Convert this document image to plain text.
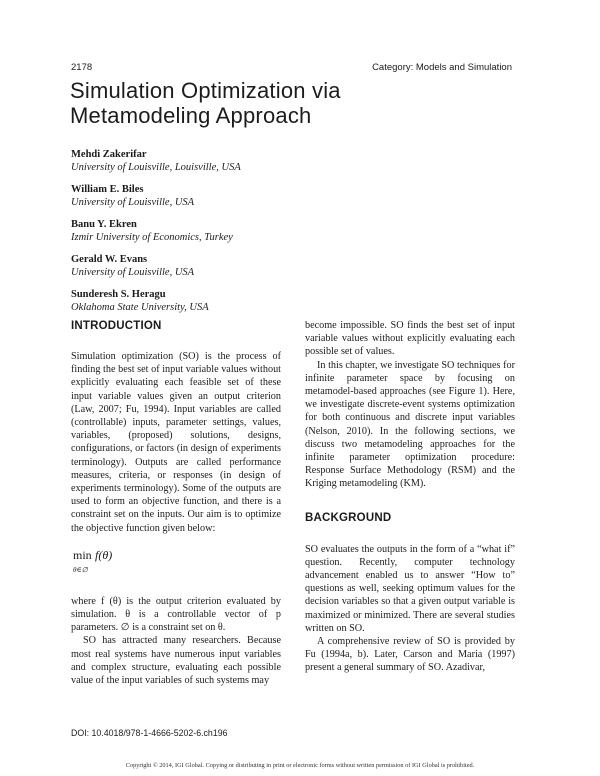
2178	Category: Models and Simulation
Simulation Optimization via
Metamodeling Approach
Mehdi Zakerifar
University of Louisville, Louisville, USA
William E. Biles
University of Louisville, USA
Banu Y. Ekren
Izmir University of Economics, Turkey
Gerald W. Evans
University of Louisville, USA
Sunderesh S. Heragu
Oklahoma State University, USA
INTRODUCTION

Simulation optimization (SO) is the process of finding the best set of input variable values without explicitly evaluating each feasible set of these input variable values given an output criterion (Law, 2007; Fu, 1994). Input variables are called (controllable) inputs, parameter settings, values, variables, (proposed) solutions, designs, configurations, or factors (in design of experiments terminology). Outputs are called performance measures, criteria, or responses (in design of experiments terminology). Some of the outputs are used to form an objective function, and there is a constraint set on the inputs. Our aim is to optimize the objective function given below:

min
θ∈∅
f(θ)

where f (θ) is the output criterion evaluated by simulation. θ is a controllable vector of p parameters. ∅ is a constraint set on θ.

SO has attracted many researchers. Because most real systems have numerous input variables and complex structure, evaluating each possible value of the input variables of such systems may

become impossible. SO finds the best set of input variable values without explicitly evaluating each possible set of values.

In this chapter, we investigate SO techniques for infinite parameter space by focusing on metamodel-based approaches (see Figure 1). Here, we investigate discrete-event systems optimization for both continuous and discrete input variables (Nelson, 2010). In the following sections, we discuss two metamodeling approaches for the infinite parameter optimization procedure: Response Surface Methodology (RSM) and the Kriging metamodeling (KM).

BACKGROUND

SO evaluates the outputs in the form of a “what if” question. Recently, computer technology advancement enabled us to answer “How to” questions as well, seeking optimum values for the decision variables so that a given output variable is maximized or minimized. There are several studies written on SO.

A comprehensive review of SO is provided by Fu (1994a, b). Later, Carson and Maria (1997) present a general summary of SO. Azadivar,

DOI: 10.4018/978-1-4666-5202-6.ch196
Copyright © 2014, IGI Global. Copying or distributing in print or electronic forms without written permission of IGI Global is prohibited.
